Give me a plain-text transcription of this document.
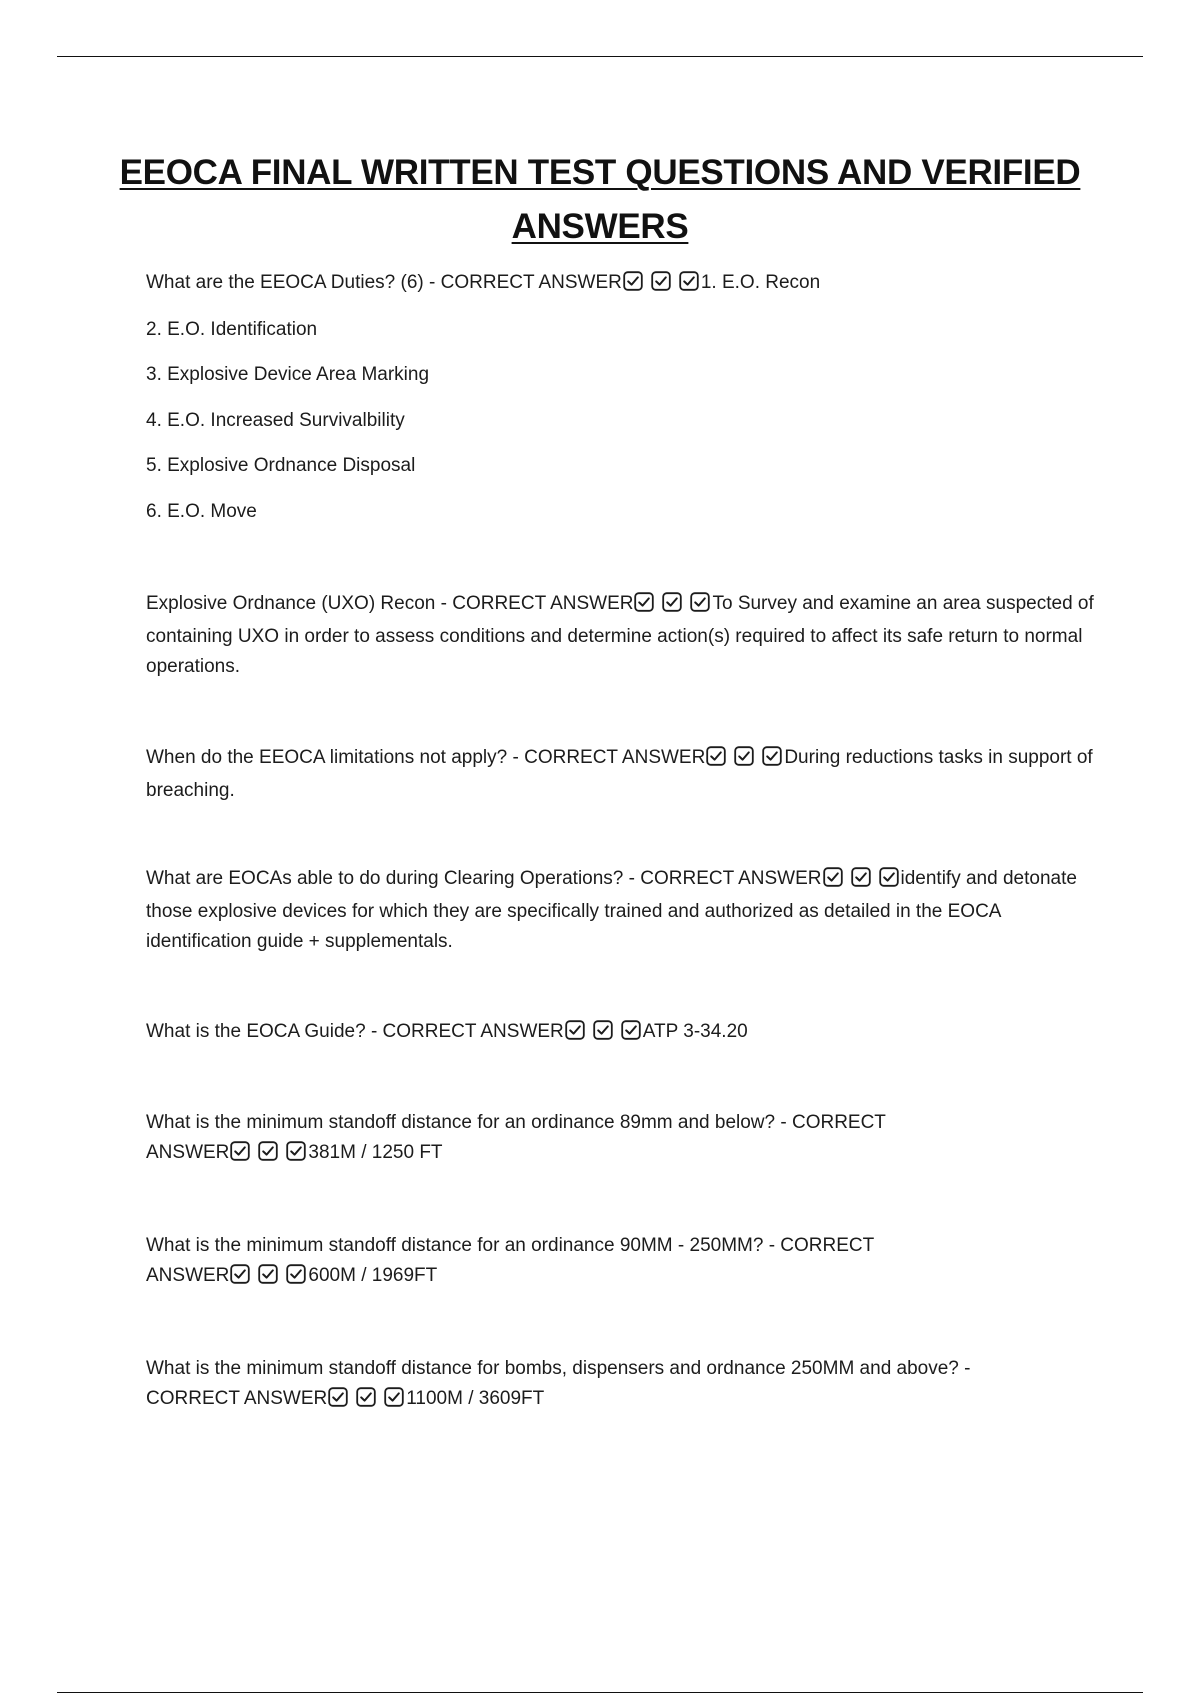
EEOCA FINAL WRITTEN TEST QUESTIONS AND VERIFIED ANSWERS
What are the EEOCA Duties? (6) - CORRECT ANSWER	1. E.O. Recon
2. E.O. Identification
3. Explosive Device Area Marking
4. E.O. Increased Survivalbility
5. Explosive Ordnance Disposal
6. E.O. Move
Explosive Ordnance (UXO) Recon - CORRECT ANSWER	To Survey and examine an area suspected of containing UXO in order to assess conditions and determine action(s) required to affect its safe return to normal operations.
When do the EEOCA limitations not apply? - CORRECT ANSWER	During reductions tasks in support of breaching.
What are EOCAs able to do during Clearing Operations? - CORRECT ANSWER	identify and detonate those explosive devices for which they are specifically trained and authorized as detailed in the EOCA identification guide + supplementals.
What is the EOCA Guide? - CORRECT ANSWER	ATP 3-34.20
What is the minimum standoff distance for an ordinance 89mm and below? - CORRECT
ANSWER	381M / 1250 FT
What is the minimum standoff distance for an ordinance 90MM - 250MM? - CORRECT
ANSWER	600M / 1969FT
What is the minimum standoff distance for bombs, dispensers and ordnance 250MM and above? -
CORRECT ANSWER	1100M / 3609FT
